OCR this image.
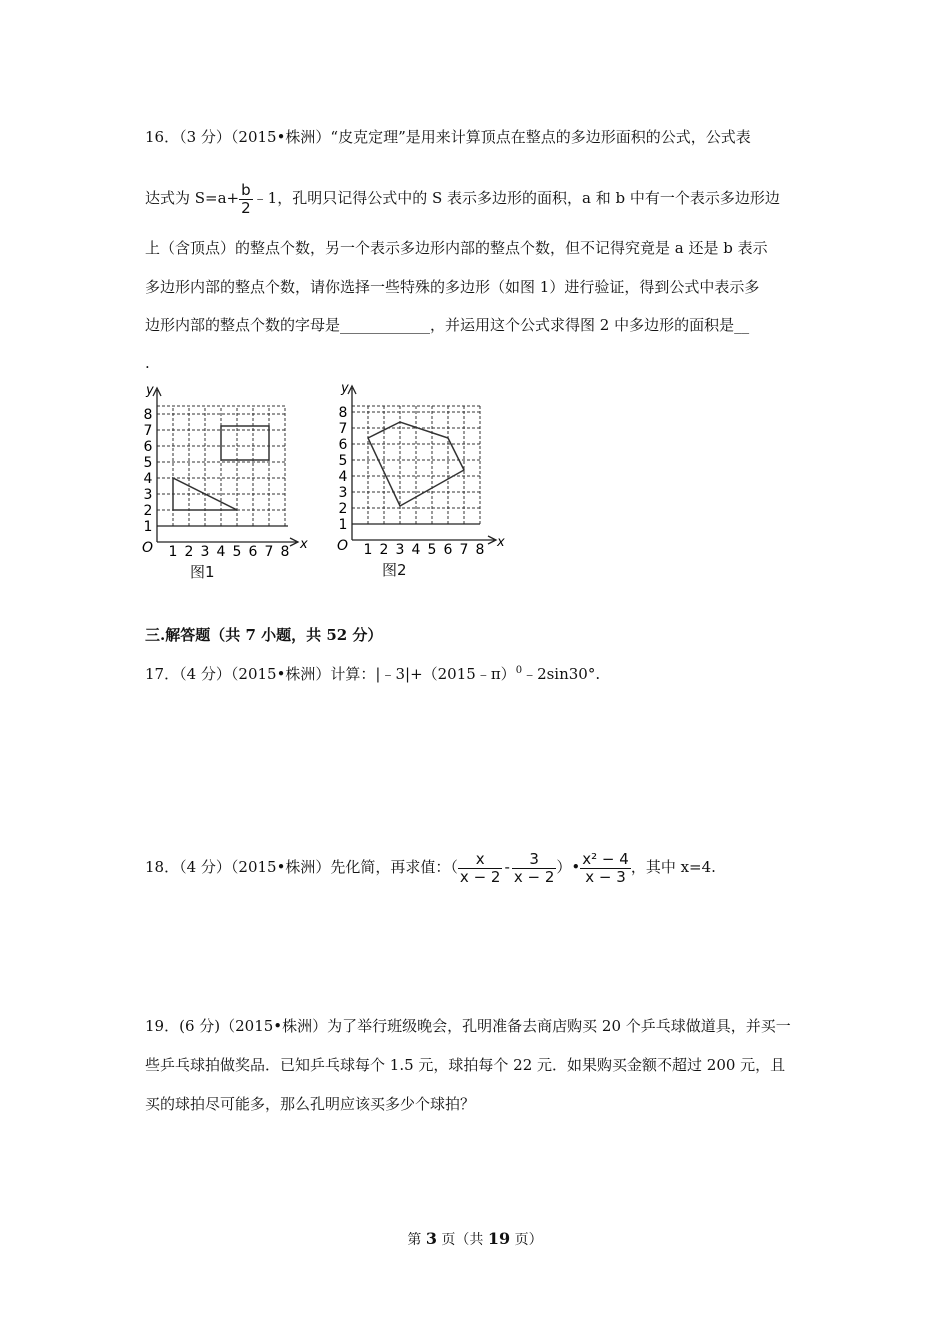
16．（3 分）（2015•株洲）“皮克定理”是用来计算顶点在整点的多边形面积的公式，公式表
达式为 $S=a+ \frac{b}{2}$ ﹣1，孔明只记得公式中的 S 表示多边形的面积，a 和 b 中有一个表示多边形边
上（含顶点）的整点个数，另一个表示多边形内部的整点个数，但不记得究竟是 a 还是 b 表示
多边形内部的整点个数，请你选择一些特殊的多边形（如图 1）进行验证，得到公式中表示多
边形内部的整点个数的字母是____________，并运用这个公式求得图 2 中多边形的面积是__
.
y
x
O 1 2 3 4 5 6 7 8
1
2
3
4
5
6
7
8
图1
y
x
O 1 2 3 4 5 6 7 8
1
2
3
4
5
6
7
8
图2
三.解答题（共 7 小题，共 52 分）
17．（4 分）（2015•株洲）计算：|﹣3|+（2015﹣π）$^0$﹣2sin30°.
18．（4 分）（2015•株洲）先化简，再求值：（ $\frac{x}{x - 2} - \frac{3}{x - 2}$ ）• $\frac{\text{x² − 4}}{x - 3}$ ，其中 x=4.
19．(6 分)（2015•株洲）为了举行班级晚会，孔明准备去商店购买 20 个乒乓球做道具，并买一
些乒乓球拍做奖品．已知乒乓球每个 1.5 元，球拍每个 22 元．如果购买金额不超过 200 元，且
买的球拍尽可能多，那么孔明应该买多少个球拍？
第 3 页（共 19 页）
